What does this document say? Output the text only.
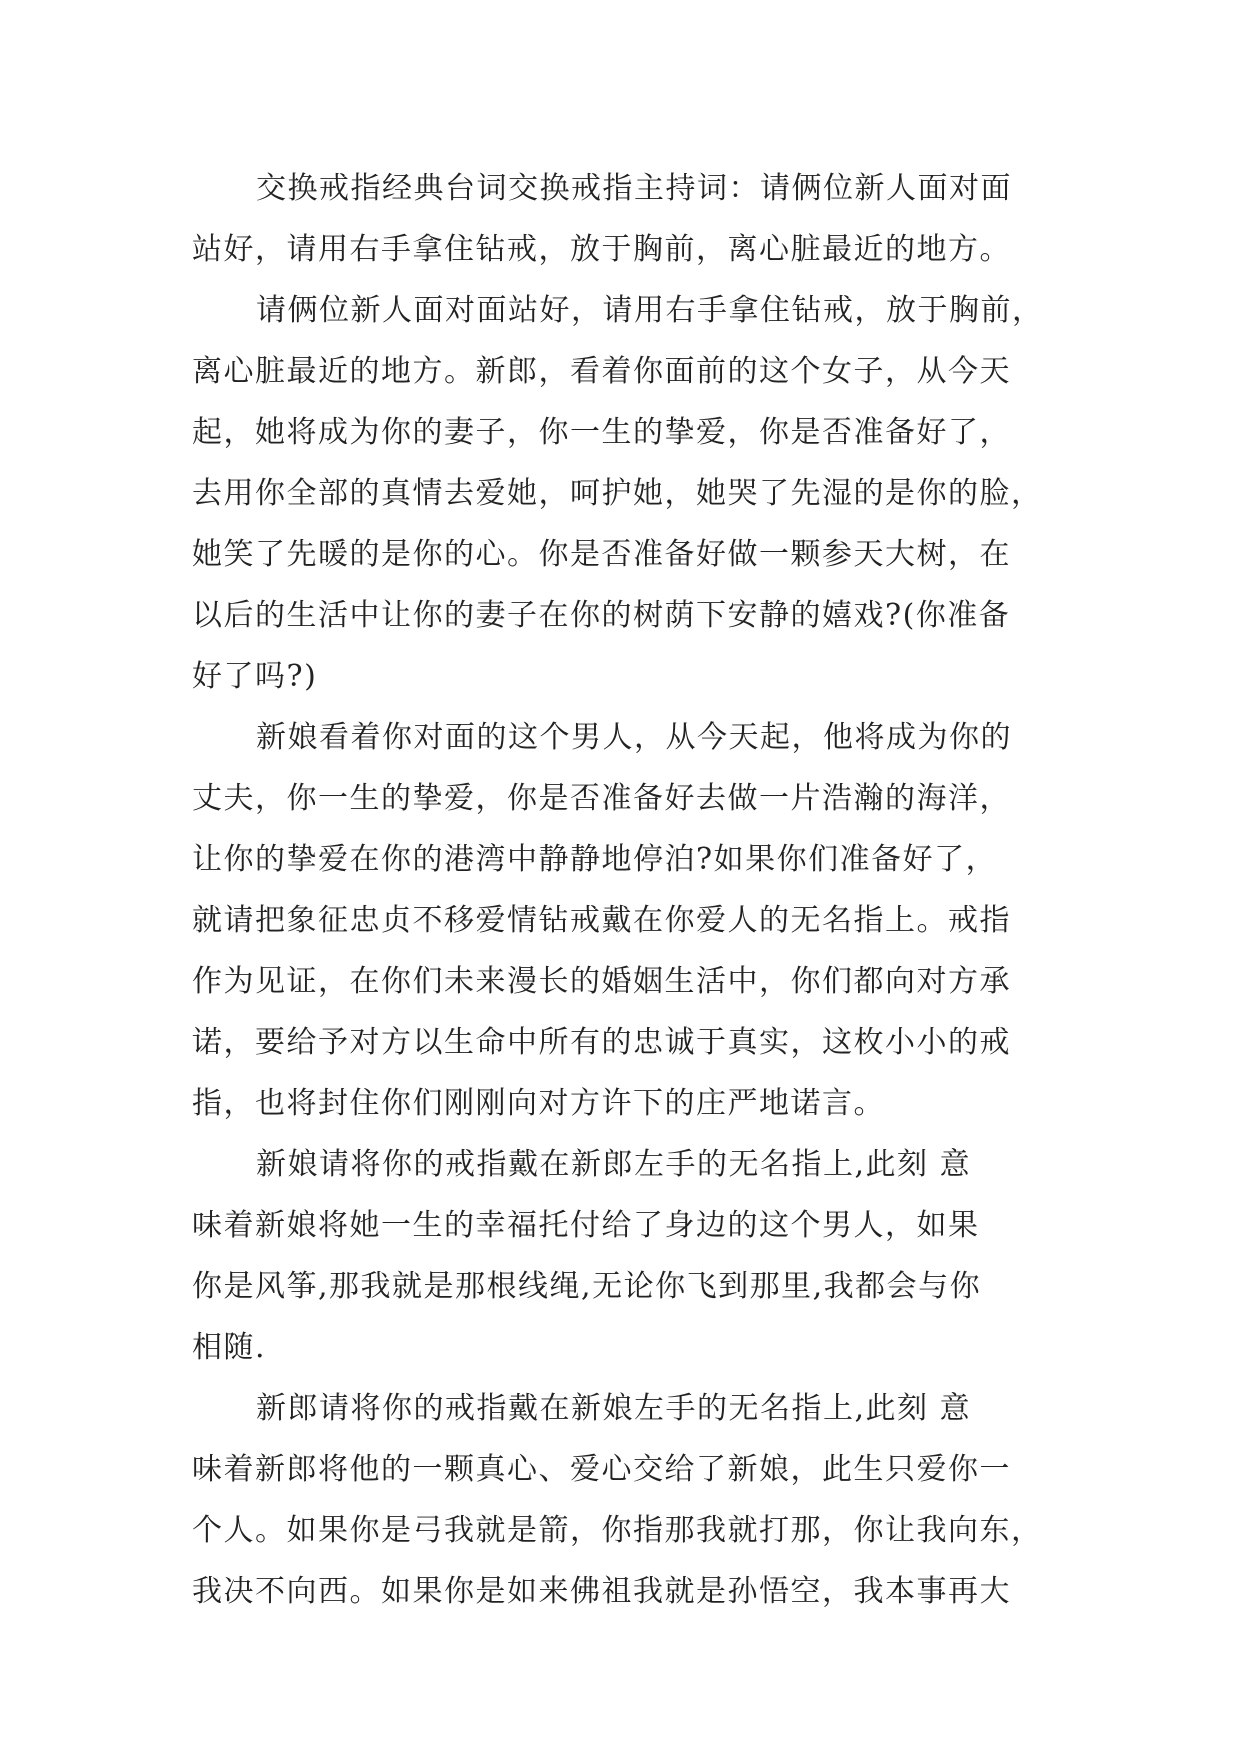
交换戒指经典台词交换戒指主持词：请俩位新人面对面
站好，请用右手拿住钻戒，放于胸前，离心脏最近的地方。

请俩位新人面对面站好，请用右手拿住钻戒，放于胸前，
离心脏最近的地方。新郎，看着你面前的这个女子，从今天
起，她将成为你的妻子，你一生的挚爱，你是否准备好了，
去用你全部的真情去爱她，呵护她，她哭了先湿的是你的脸，
她笑了先暖的是你的心。你是否准备好做一颗参天大树，在
以后的生活中让你的妻子在你的树荫下安静的嬉戏?(你准备
好了吗?)

新娘看着你对面的这个男人，从今天起，他将成为你的
丈夫，你一生的挚爱，你是否准备好去做一片浩瀚的海洋，
让你的挚爱在你的港湾中静静地停泊?如果你们准备好了，
就请把象征忠贞不移爱情钻戒戴在你爱人的无名指上。戒指
作为见证，在你们未来漫长的婚姻生活中，你们都向对方承
诺，要给予对方以生命中所有的忠诚于真实，这枚小小的戒
指，也将封住你们刚刚向对方许下的庄严地诺言。

新娘请将你的戒指戴在新郎左手的无名指上,此刻 意
味着新娘将她一生的幸福托付给了身边的这个男人，如果
你是风筝,那我就是那根线绳,无论你飞到那里,我都会与你
相随.

新郎请将你的戒指戴在新娘左手的无名指上,此刻 意
味着新郎将他的一颗真心、爱心交给了新娘，此生只爱你一
个人。如果你是弓我就是箭，你指那我就打那，你让我向东，
我决不向西。如果你是如来佛祖我就是孙悟空，我本事再大
